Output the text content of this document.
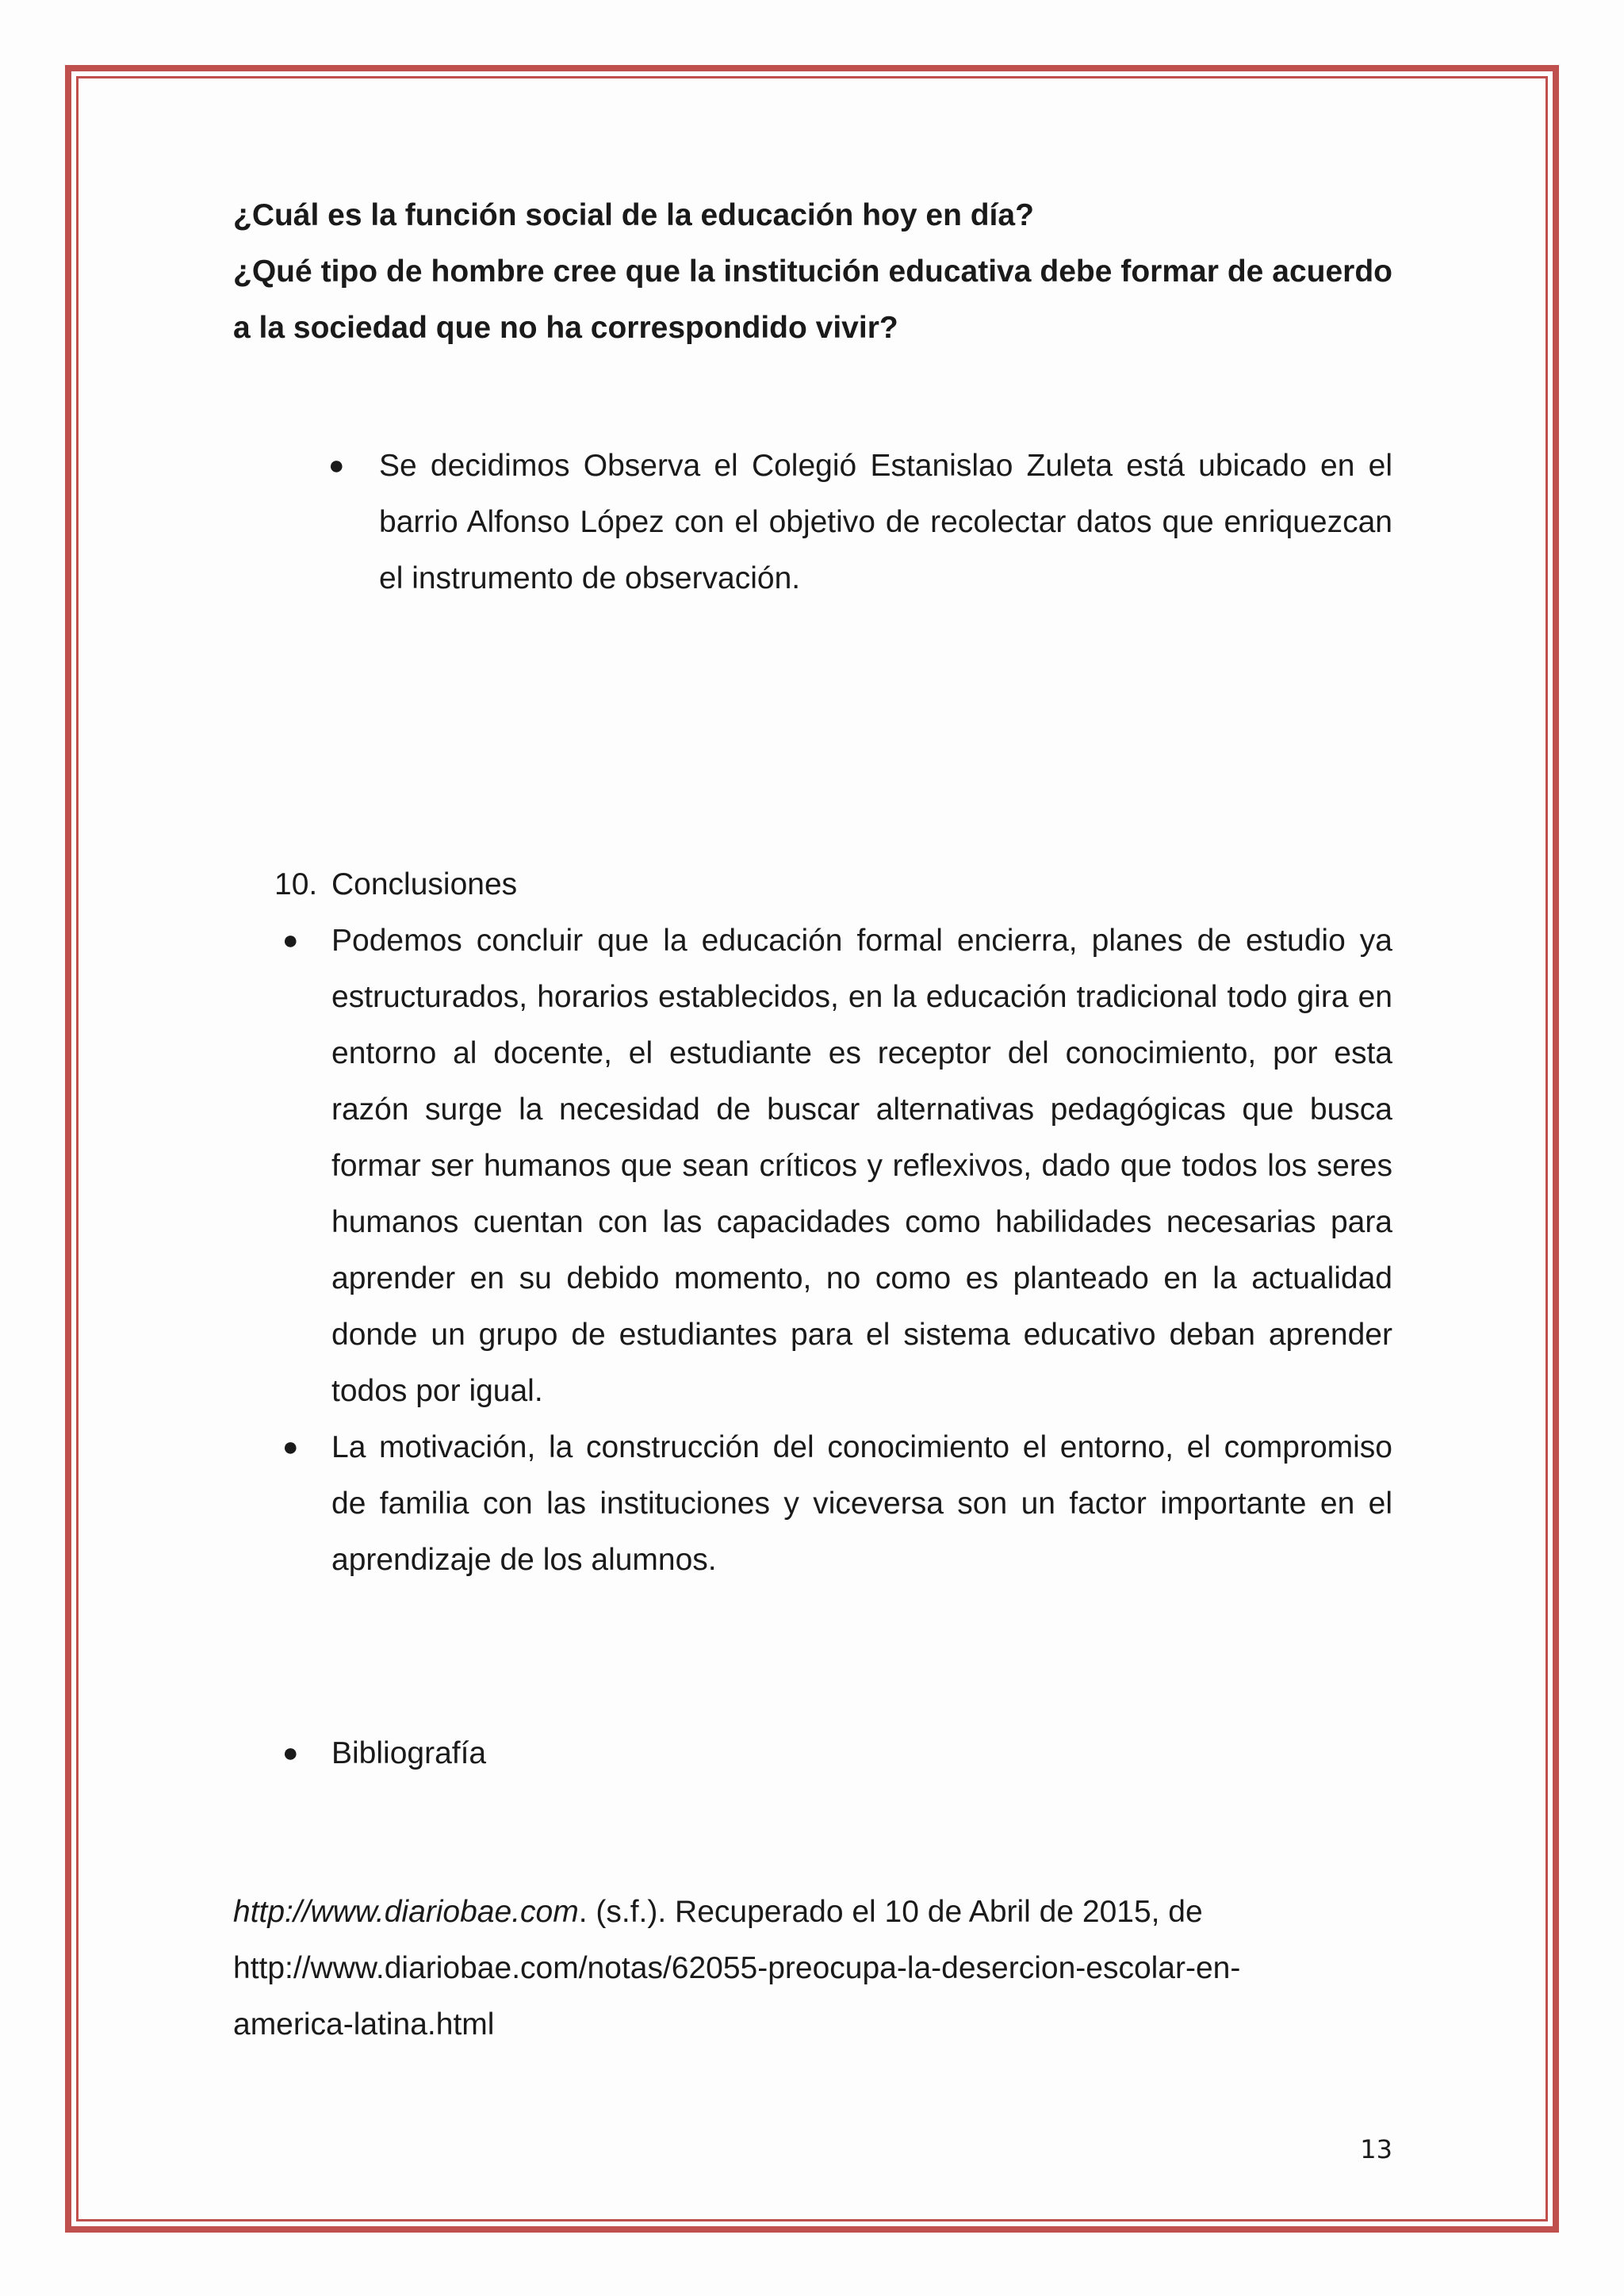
¿Cuál es la función social de la educación hoy en día?

¿Qué tipo de hombre cree que la institución educativa debe formar de acuerdo a la sociedad que no ha correspondido vivir?

● Se decidimos Observa el Colegió Estanislao Zuleta está ubicado en el barrio Alfonso López con el objetivo de recolectar datos que enriquezcan el instrumento de observación.

10. Conclusiones

● Podemos concluir que la educación formal encierra, planes de estudio ya estructurados, horarios establecidos, en la educación tradicional todo gira en entorno al docente, el estudiante es receptor del conocimiento, por esta razón surge la necesidad de buscar alternativas pedagógicas que busca formar ser humanos que sean críticos y reflexivos, dado que todos los seres humanos cuentan con las capacidades como habilidades necesarias para aprender en su debido momento, no como es planteado en la actualidad donde un grupo de estudiantes para el sistema educativo deban aprender todos por igual.

● La motivación, la construcción del conocimiento el entorno, el compromiso de familia con las instituciones y viceversa son un factor importante en el aprendizaje de los alumnos.

● Bibliografía

http://www.diariobae.com. (s.f.). Recuperado el 10 de Abril de 2015, de
http://www.diariobae.com/notas/62055-preocupa-la-desercion-escolar-en-
america-latina.html
13
